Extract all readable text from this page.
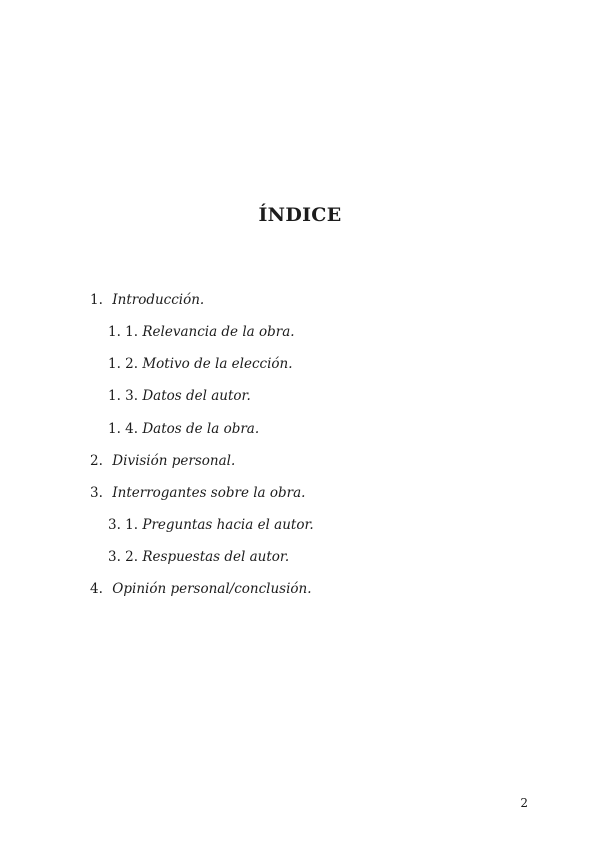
ÍNDICE
1. Introducción.
1. 1. Relevancia de la obra.
1. 2. Motivo de la elección.
1. 3. Datos del autor.
1. 4. Datos de la obra.
2. División personal.
3. Interrogantes sobre la obra.
3. 1. Preguntas hacia el autor.
3. 2. Respuestas del autor.
4. Opinión personal/conclusión.
2
